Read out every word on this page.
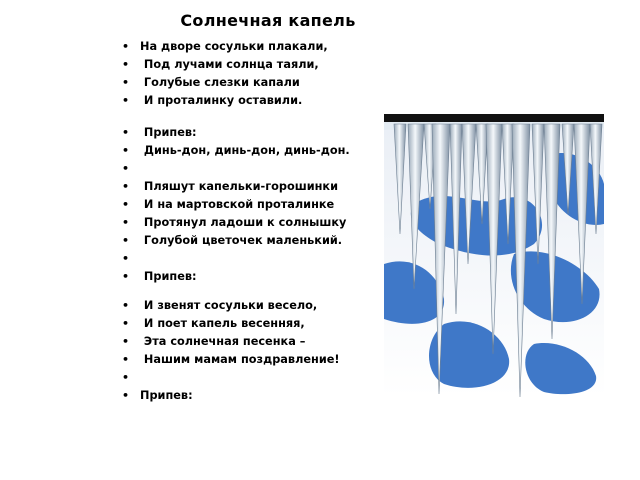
Солнечная капель
• На дворе сосульки плакали,
• Под лучами солнца таяли,
• Голубые слезки капали
• И проталинку оставили.
• Припев:
• Динь-дон, динь-дон, динь-дон.
•
• Пляшут капельки-горошинки
• И на мартовской проталинке
• Протянул ладоши к солнышку
• Голубой цветочек маленький.
•
• Припев:
• И звенят сосульки весело,
• И поет капель весенняя,
• Эта солнечная песенка –
• Нашим мамам поздравление!
•
• Припев:
